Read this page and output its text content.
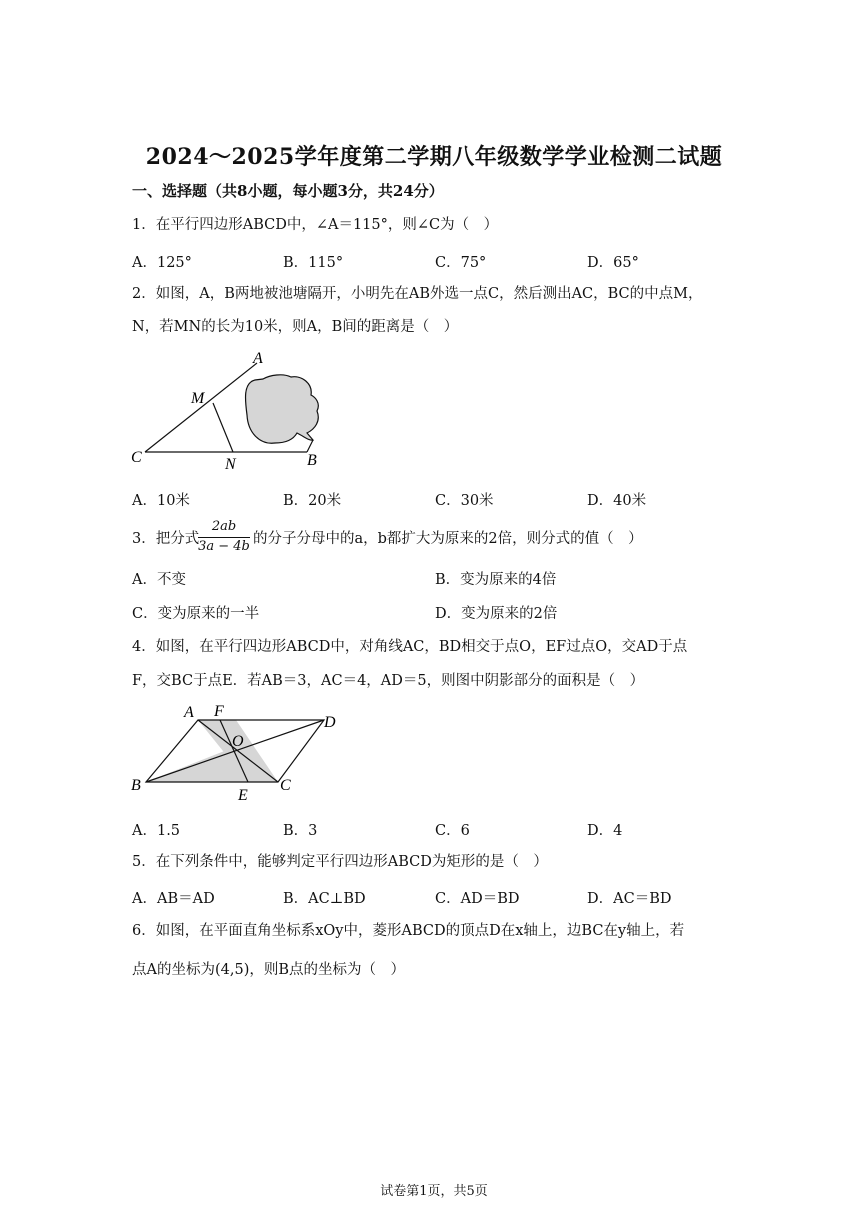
2024～2025学年度第二学期八年级数学学业检测二试题
一、选择题（共8小题，每小题3分，共24分）
1．在平行四边形ABCD中，∠A＝115°，则∠C为（　）
A．125°	B．115°	C．75°	D．65°
2．如图，A，B两地被池塘隔开，小明先在AB外选一点C，然后测出AC，BC的中点M，
N，若MN的长为10米，则A，B间的距离是（　）
A
M
C	N	B
A．10米	B．20米	C．30米	D．40米
3．把分式
2ab
3a − 4b 的分子分母中的a，b都扩大为原来的2倍，则分式的值（　）
A．不变	B．变为原来的4倍
C．变为原来的一半	D．变为原来的2倍
4．如图，在平行四边形ABCD中，对角线AC，BD相交于点O，EF过点O，交AD于点
F，交BC于点E．若AB＝3，AC＝4，AD＝5，则图中阴影部分的面积是（　）
A F
D
O
B
E
C
A．1.5	B．3	C．6	D．4
5．在下列条件中，能够判定平行四边形ABCD为矩形的是（　）
A．AB＝AD	B．AC⊥BD	C．AD＝BD	D．AC＝BD
6．如图，在平面直角坐标系xOy中，菱形ABCD的顶点D在x轴上，边BC在y轴上，若
点A的坐标为(4,5)，则B点的坐标为（　）
试卷第1页，共5页
